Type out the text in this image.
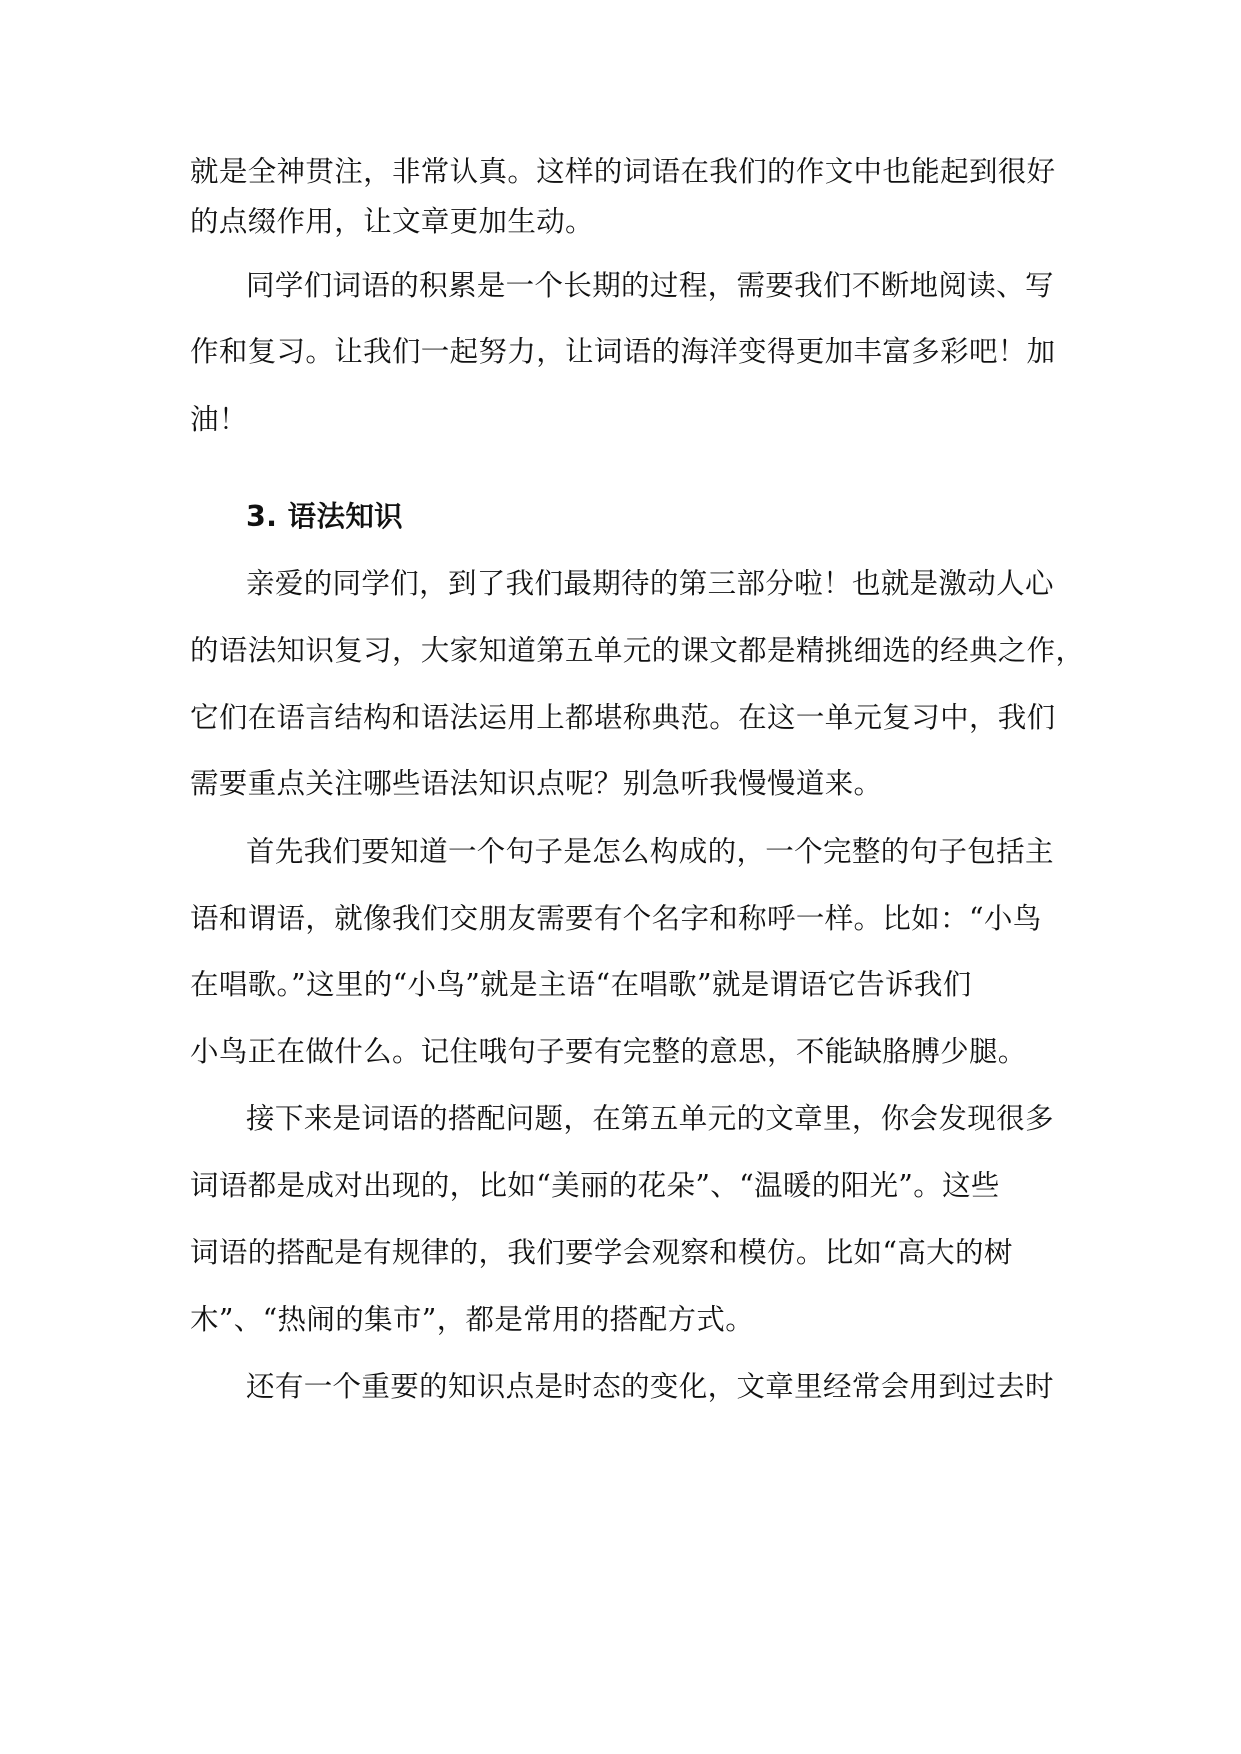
就是全神贯注，非常认真。这样的词语在我们的作文中也能起到很好
的点缀作用，让文章更加生动。
同学们词语的积累是一个长期的过程，需要我们不断地阅读、写
作和复习。让我们一起努力，让词语的海洋变得更加丰富多彩吧！加
油！
3. 语法知识
亲爱的同学们，到了我们最期待的第三部分啦！也就是激动人心
的语法知识复习，大家知道第五单元的课文都是精挑细选的经典之作，
它们在语言结构和语法运用上都堪称典范。在这一单元复习中，我们
需要重点关注哪些语法知识点呢？别急听我慢慢道来。
首先我们要知道一个句子是怎么构成的，一个完整的句子包括主
语和谓语，就像我们交朋友需要有个名字和称呼一样。比如：“小鸟
在唱歌。”这里的“小鸟”就是主语“在唱歌”就是谓语它告诉我们
小鸟正在做什么。记住哦句子要有完整的意思，不能缺胳膊少腿。
接下来是词语的搭配问题，在第五单元的文章里，你会发现很多
词语都是成对出现的，比如“美丽的花朵”、“温暖的阳光”。这些
词语的搭配是有规律的，我们要学会观察和模仿。比如“高大的树
木”、“热闹的集市”，都是常用的搭配方式。
还有一个重要的知识点是时态的变化，文章里经常会用到过去时
